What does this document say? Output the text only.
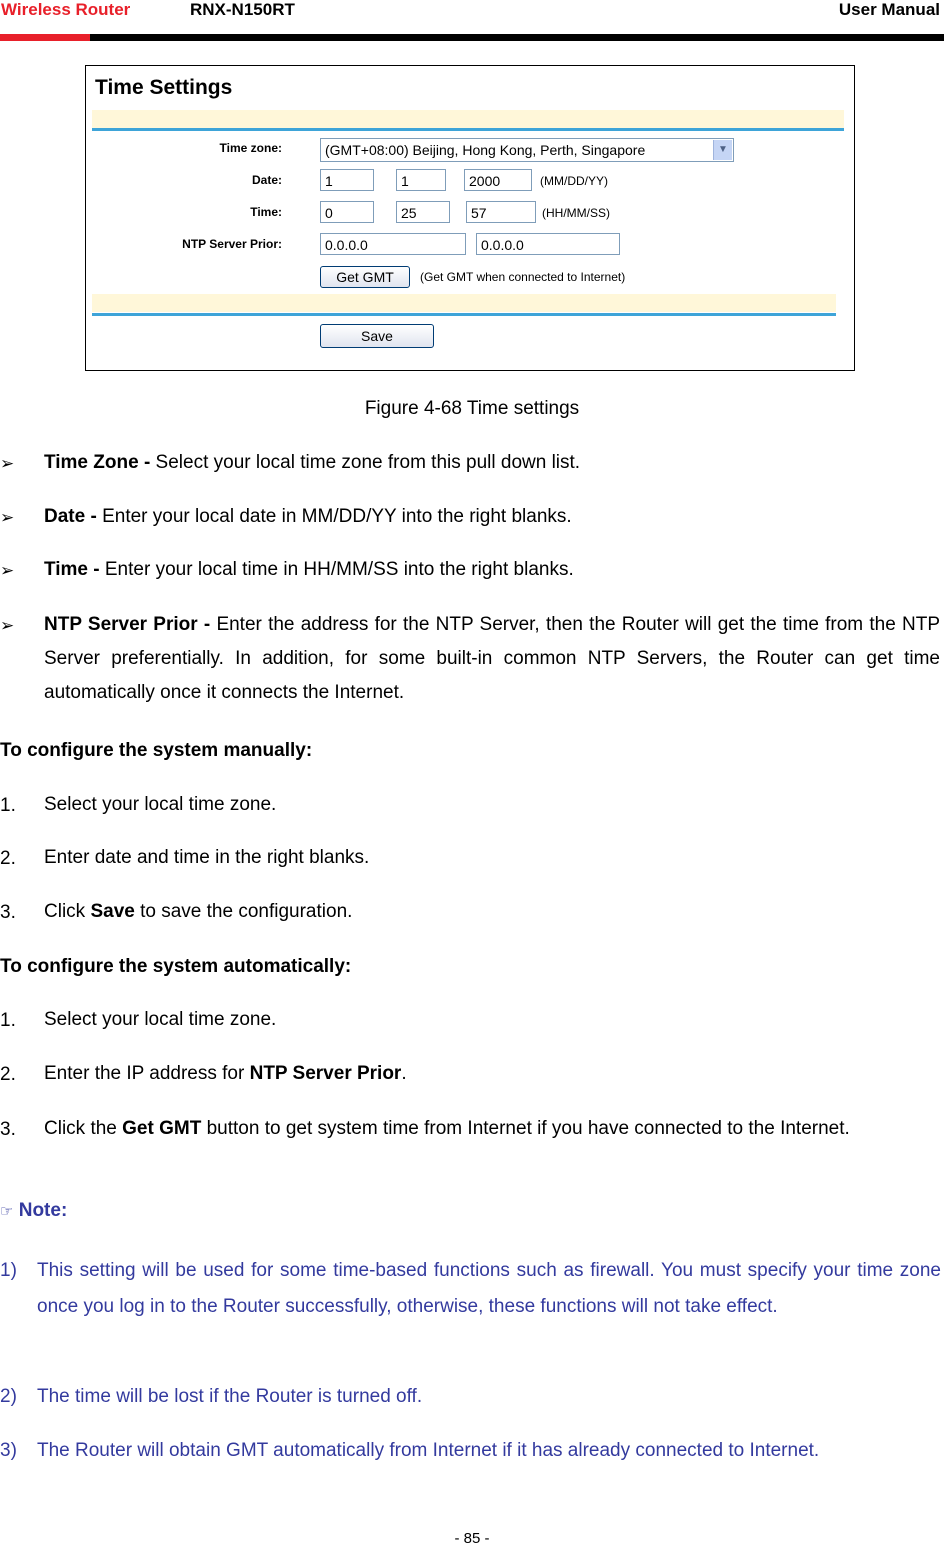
Wireless Router	RNX-N150RT	User Manual
Time Settings
Time zone:	(GMT+08:00) Beijing, Hong Kong, Perth, Singapore	▼
Date:	1	1	2000	(MM/DD/YY)
Time:	0	25	57	(HH/MM/SS)
NTP Server Prior:	0.0.0.0	0.0.0.0
Get GMT	(Get GMT when connected to Internet)
Save
Figure 4-68 Time settings
➢ Time Zone - Select your local time zone from this pull down list.
➢ Date - Enter your local date in MM/DD/YY into the right blanks.
➢ Time - Enter your local time in HH/MM/SS into the right blanks.
➢ NTP Server Prior - Enter the address for the NTP Server, then the Router will get the time from the NTP Server preferentially. In addition, for some built-in common NTP Servers, the Router can get time automatically once it connects the Internet.
To configure the system manually:
1. Select your local time zone.
2. Enter date and time in the right blanks.
3. Click Save to save the configuration.
To configure the system automatically:
1. Select your local time zone.
2. Enter the IP address for NTP Server Prior.
3. Click the Get GMT button to get system time from Internet if you have connected to the Internet.
☞ Note:
1) This setting will be used for some time-based functions such as firewall. You must specify your time zone once you log in to the Router successfully, otherwise, these functions will not take effect.
2) The time will be lost if the Router is turned off.
3) The Router will obtain GMT automatically from Internet if it has already connected to Internet.
- 85 -
